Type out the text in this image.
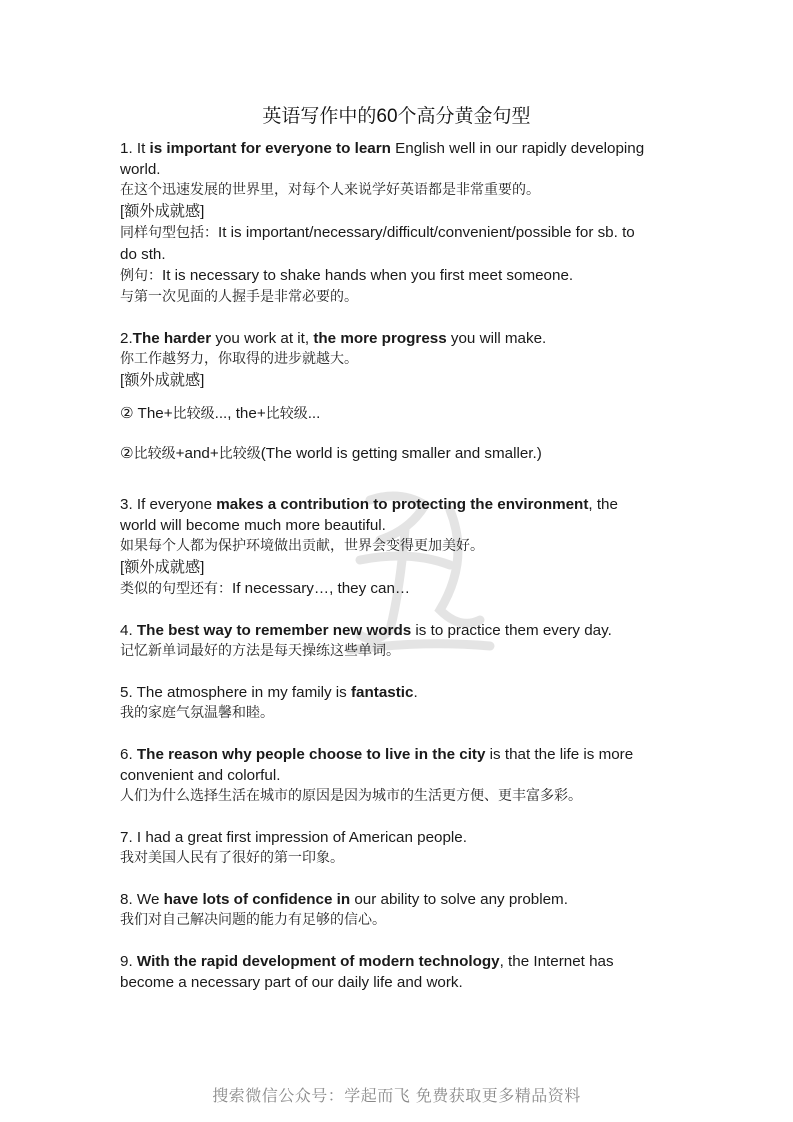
英语写作中的60个高分黄金句型
1. It is important for everyone to learn English well in our rapidly developing
world.
在这个迅速发展的世界里，对每个人来说学好英语都是非常重要的。
[额外成就感]
同样句型包括：It is important/necessary/difficult/convenient/possible for sb. to
do sth.
例句：It is necessary to shake hands when you first meet someone.
与第一次见面的人握手是非常必要的。
2.The harder you work at it, the more progress you will make.
你工作越努力，你取得的进步就越大。
[额外成就感]
② The+比较级..., the+比较级...
②比较级+and+比较级(The world is getting smaller and smaller.)
3. If everyone makes a contribution to protecting the environment, the
world will become much more beautiful.
如果每个人都为保护环境做出贡献，世界会变得更加美好。
[额外成就感]
类似的句型还有：If necessary…, they can…
4. The best way to remember new words is to practice them every day.
记忆新单词最好的方法是每天操练这些单词。
5. The atmosphere in my family is fantastic.
我的家庭气氛温馨和睦。
6. The reason why people choose to live in the city is that the life is more
convenient and colorful.
人们为什么选择生活在城市的原因是因为城市的生活更方便、更丰富多彩。
7. I had a great first impression of American people.
我对美国人民有了很好的第一印象。
8. We have lots of confidence in our ability to solve any problem.
我们对自己解决问题的能力有足够的信心。
9. With the rapid development of modern technology, the Internet has
become a necessary part of our daily life and work.
搜索微信公众号：学起而飞 免费获取更多精品资料
